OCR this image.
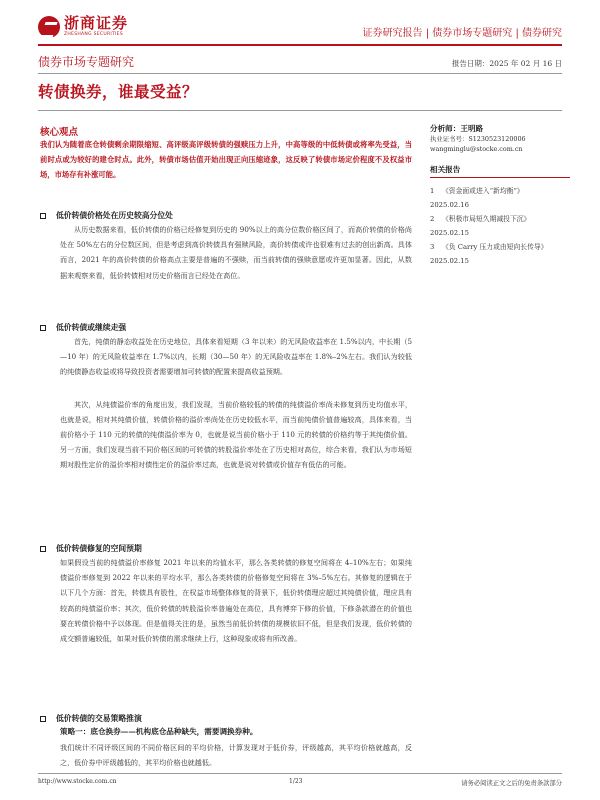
浙商证券
ZHESHANG SECURITIES	证券研究报告 | 债券市场专题研究 | 债券研究
债券市场专题研究	报告日期：2025 年 02 月 16 日
转债换券，谁最受益？
核心观点
我们认为随着底仓转债剩余期限缩短、高评级高评级转债的强赎压力上升，中高等级的中低转债或将率先受益，当前时点或为较好的建仓时点。此外，转债市场估值开始出现正向压缩迹象，这反映了转债市场定价程度不及权益市场，市场存有补涨可能。
分析师：王明路
执业证书号：S1230523120006
wangminglu@stocke.com.cn
相关报告
1	《资金面或进入“新均衡”》
2025.02.16
2	《积极市局短久期减投下沉》
2025.02.15
3	《负 Carry 压力或由短向长传导》
2025.02.15
低价转债价格处在历史较高分位处

从历史数据来看，低价转债的价格已经修复到历史的 90%以上的高分位数价格区间了，而高价转债的价格尚处在 50%左右的分位数区间，但是考虑到高价转债具有强赎风险，高价转债或许也很难有过去的创出新高。具体而言，2021 年的高价转债的价格高点主要是普遍的不强赎，而当前转债的强赎意愿或许更加显著。因此，从数据来观察来看，低价转债相对历史价格而言已经处在高位。

低价转债或继续走强

首先，纯债的静态收益处在历史地位，具体来看短期（3 年以来）的无风险收益率在 1.5%以内，中长期（5—10 年）的无风险收益率在 1.7%以内，长期（30—50 年）的无风险收益率在 1.8%–2%左右。我们认为较低的纯债静态收益或将导致投资者需要增加可转债的配置来提高收益预期。

其次，从纯债溢价率的角度出发，我们发现，当前价格较低的转债的纯债溢价率尚未修复到历史均值水平，也就是说，相对其纯债价值，转债价格的溢价率尚处在历史较低水平，而当前纯债价值普遍较高，具体来看，当前价格小于 110 元的转债的纯债溢价率为 0，也就是说当前价格小于 110 元的转债的价格约等于其纯债价值。另一方面，我们发现当前不同价格区间的可转债的转股溢价率处在了历史相对高位，综合来看，我们认为市场短期对股性定价的溢价率相对债性定价的溢价率过高，也就是说对转债或价值存有低估的可能。

低价转债修复的空间预期

如果假设当前的纯债溢价率修复 2021 年以来的均值水平，那么各类转债的修复空间将在 4–10%左右；如果纯债溢价率修复到 2022 年以来的平均水平，那么各类转债的价格修复空间将在 3%–5%左右。其修复的逻辑在于以下几个方面：首先，转债具有股性，在权益市场整体修复的背景下，低价转债理应超过其纯债价值，理应具有较高的纯债溢价率；其次，低价转债的转股溢价率普遍处在高位，具有博弈下修的价值，下修条款潜在的价值也要在转债价格中予以体现。但是值得关注的是，虽然当前低价转债的规模依旧不低，但是我们发现，低价转债的成交额普遍较低，如果对低价转债的需求继续上行，这种现象或将有所改善。

低价转债的交易策略推演
策略一：底仓换券——机构底仓品种缺失，需要调换券种。

我们统计不同评级区间的不同价格区间的平均价格，计算发现对于低价券，评级越高，其平均价格就越高，反之，低价券中评级越低的，其平均价格也就越低。

http://www.stocke.com.cn	1/23	请务必阅读正文之后的免责条款部分
